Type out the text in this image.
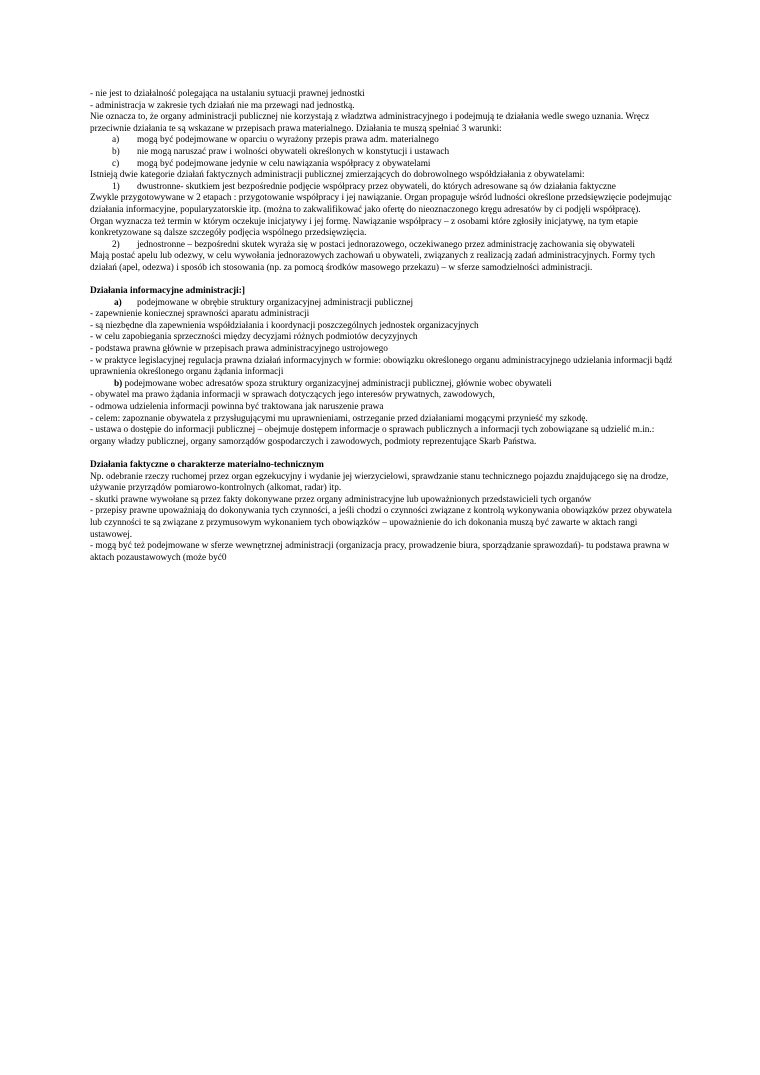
- nie jest to działalność polegająca na ustalaniu sytuacji prawnej jednostki

- administracja w zakresie tych działań nie ma przewagi nad jednostką.

Nie oznacza to, że organy administracji publicznej nie korzystają z władztwa administracyjnego i podejmują te działania wedle swego uznania. Wręcz przeciwnie działania te są wskazane w przepisach prawa materialnego. Działania te muszą spełniać 3 warunki:

a) mogą być podejmowane w oparciu o wyrażony przepis prawa adm. materialnego
b) nie mogą naruszać praw i wolności obywateli określonych w konstytucji i ustawach
c) mogą być podejmowane jedynie w celu nawiązania współpracy z obywatelami

Istnieją dwie kategorie działań faktycznych administracji publicznej zmierzających do dobrowolnego współdziałania z obywatelami:

1) dwustronne- skutkiem jest bezpośrednie podjęcie współpracy przez obywateli, do których adresowane są ów działania faktyczne

Zwykle przygotowywane w 2 etapach : przygotowanie współpracy i jej nawiązanie. Organ propaguje wśród ludności określone przedsięwzięcie podejmując działania informacyjne, popularyzatorskie itp. (można to zakwalifikować jako ofertę do nieoznaczonego kręgu adresatów by ci podjęli współpracę).

Organ wyznacza też termin w którym oczekuje inicjatywy i jej formę. Nawiązanie współpracy – z osobami które zgłosiły inicjatywę, na tym etapie konkretyzowane są dalsze szczegóły podjęcia wspólnego przedsięwzięcia.

2) jednostronne – bezpośredni skutek wyraża się w postaci jednorazowego, oczekiwanego przez administrację zachowania się obywateli

Mają postać apelu lub odezwy, w celu wywołania jednorazowych zachowań u obywateli, związanych z realizacją zadań administracyjnych. Formy tych działań (apel, odezwa) i sposób ich stosowania (np. za pomocą środków masowego przekazu) – w sferze samodzielności administracji.

Działania informacyjne administracji:]
a) podejmowane w obrębie struktury organizacyjnej administracji publicznej

- zapewnienie koniecznej sprawności aparatu administracji

- są niezbędne dla zapewnienia współdziałania i koordynacji poszczególnych jednostek organizacyjnych

- w celu zapobiegania sprzeczności między decyzjami różnych podmiotów decyzyjnych

- podstawa prawna głównie w przepisach prawa administracyjnego ustrojowego

- w praktyce legislacyjnej regulacja prawna działań informacyjnych w formie: obowiązku określonego organu administracyjnego udzielania informacji bądź uprawnienia określonego organu żądania informacji

b) podejmowane wobec adresatów spoza struktury organizacyjnej administracji publicznej, głównie wobec obywateli

- obywatel ma prawo żądania informacji w sprawach dotyczących jego interesów prywatnych, zawodowych,

- odmowa udzielenia informacji powinna być traktowana jak naruszenie prawa

- celem: zapoznanie obywatela z przysługującymi mu uprawnieniami, ostrzeganie przed działaniami mogącymi przynieść my szkodę.

- ustawa o dostępie do informacji publicznej – obejmuje dostępem informacje o sprawach publicznych a informacji tych zobowiązane są udzielić m.in.: organy władzy publicznej, organy samorządów gospodarczych i zawodowych, podmioty reprezentujące Skarb Państwa.

Działania faktyczne o charakterze materialno-technicznym

Np. odebranie rzeczy ruchomej przez organ egzekucyjny i wydanie jej wierzycielowi, sprawdzanie stanu technicznego pojazdu znajdującego się na drodze, używanie przyrządów pomiarowo-kontrolnych (alkomat, radar) itp.

- skutki prawne wywołane są przez fakty dokonywane przez organy administracyjne lub upoważnionych przedstawicieli tych organów

- przepisy prawne upoważniają do dokonywania tych czynności, a jeśli chodzi o czynności związane z kontrolą wykonywania obowiązków przez obywatela lub czynności te są związane z przymusowym wykonaniem tych obowiązków – upoważnienie do ich dokonania muszą być zawarte w aktach rangi ustawowej.

- mogą być też podejmowane w sferze wewnętrznej administracji (organizacja pracy, prowadzenie biura, sporządzanie sprawozdań)- tu podstawa prawna w aktach pozaustawowych (może być0
